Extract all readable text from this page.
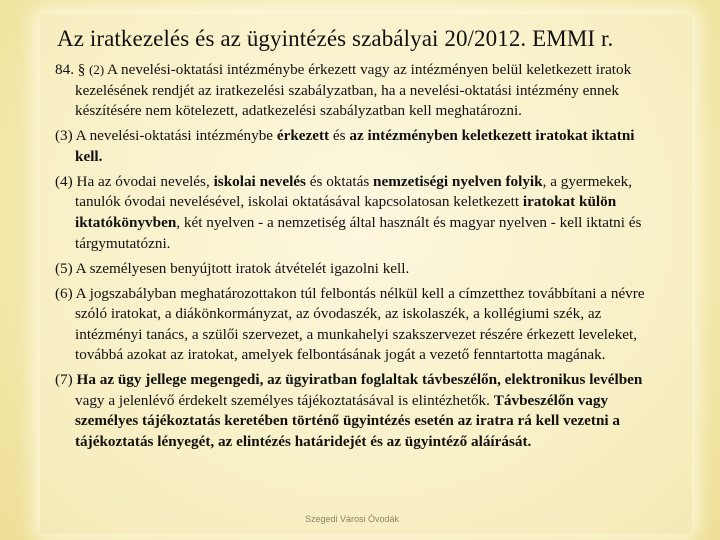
Az iratkezelés és az ügyintézés szabályai 20/2012. EMMI r.

84. § (2) A nevelési-oktatási intézménybe érkezett vagy az intézményen belül keletkezett iratok kezelésének rendjét az iratkezelési szabályzatban, ha a nevelési-oktatási intézmény ennek készítésére nem kötelezett, adatkezelési szabályzatban kell meghatározni.

(3) A nevelési-oktatási intézménybe érkezett és az intézményben keletkezett iratokat iktatni kell.

(4) Ha az óvodai nevelés, iskolai nevelés és oktatás nemzetiségi nyelven folyik, a gyermekek, tanulók óvodai nevelésével, iskolai oktatásával kapcsolatosan keletkezett iratokat külön iktatókönyvben, két nyelven - a nemzetiség által használt és magyar nyelven - kell iktatni és tárgymutatózni.

(5) A személyesen benyújtott iratok átvételét igazolni kell.

(6) A jogszabályban meghatározottakon túl felbontás nélkül kell a címzetthez továbbítani a névre szóló iratokat, a diákönkormányzat, az óvodaszék, az iskolaszék, a kollégiumi szék, az intézményi tanács, a szülői szervezet, a munkahelyi szakszervezet részére érkezett leveleket, továbbá azokat az iratokat, amelyek felbontásának jogát a vezető fenntartotta magának.

(7) Ha az ügy jellege megengedi, az ügyiratban foglaltak távbeszélőn, elektronikus levélben vagy a jelenlévő érdekelt személyes tájékoztatásával is elintézhetők. Távbeszélőn vagy személyes tájékoztatás keretében történő ügyintézés esetén az iratra rá kell vezetni a tájékoztatás lényegét, az elintézés határidejét és az ügyintéző aláírását.

Szegedi Városi Óvodák
